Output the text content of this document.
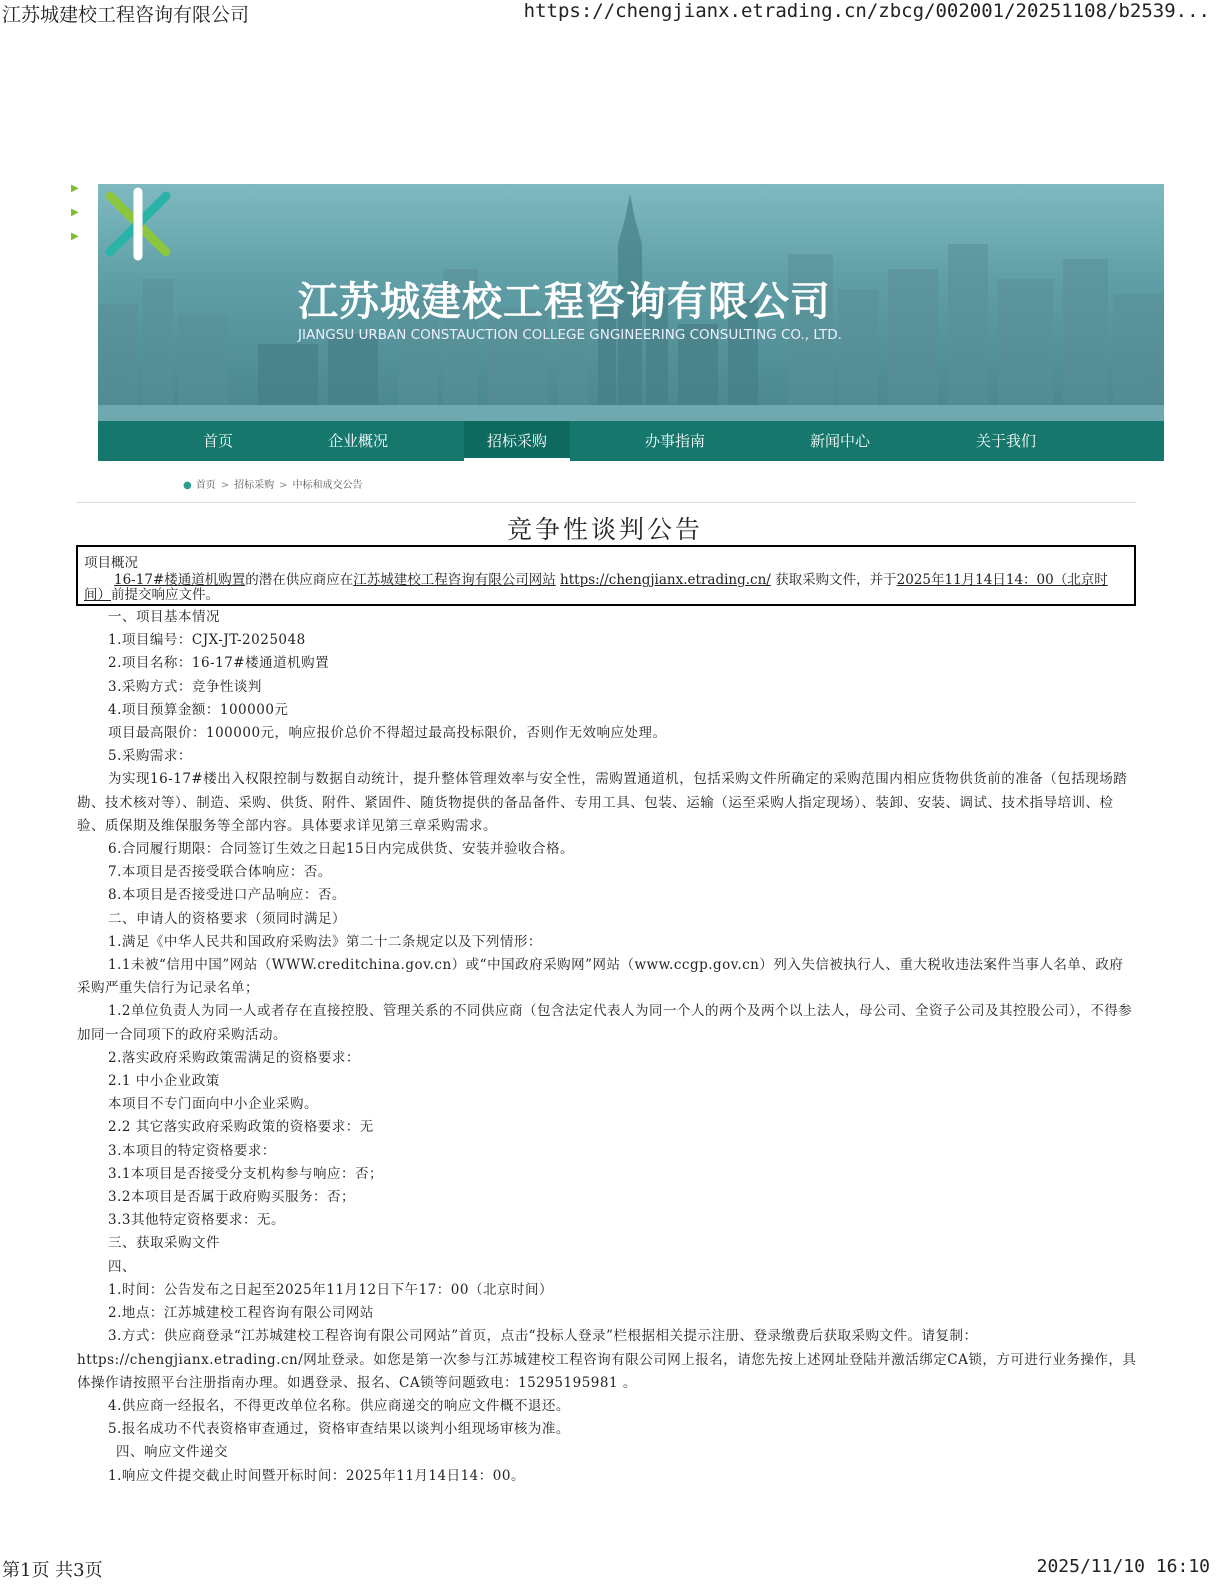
江苏城建校工程咨询有限公司	https://chengjianx.etrading.cn/zbcg/002001/20251108/b2539...
▶
▶
▶
江苏城建校工程咨询有限公司
JIANGSU URBAN CONSTAUCTION COLLEGE GNGINEERING CONSULTING CO., LTD.
首页	企业概况	招标采购	办事指南	新闻中心	关于我们
● 首页 > 招标采购 > 中标和成交公告
竞争性谈判公告
项目概况
16-17#楼通道机购置的潜在供应商应在江苏城建校工程咨询有限公司网站 https://chengjianx.etrading.cn/ 获取采购文件，并于2025年11月14日14：00（北京时间）前提交响应文件。

一、项目基本情况

1.项目编号：CJX-JT-2025048

2.项目名称：16-17#楼通道机购置

3.采购方式：竞争性谈判

4.项目预算金额：100000元

项目最高限价：100000元，响应报价总价不得超过最高投标限价，否则作无效响应处理。

5.采购需求：

为实现16-17#楼出入权限控制与数据自动统计，提升整体管理效率与安全性，需购置通道机，包括采购文件所确定的采购范围内相应货物供货前的准备（包括现场踏勘、技术核对等）、制造、采购、供货、附件、紧固件、随货物提供的备品备件、专用工具、包装、运输（运至采购人指定现场）、装卸、安装、调试、技术指导培训、检验、质保期及维保服务等全部内容。具体要求详见第三章采购需求。

6.合同履行期限：合同签订生效之日起15日内完成供货、安装并验收合格。

7.本项目是否接受联合体响应：否。

8.本项目是否接受进口产品响应：否。

二、申请人的资格要求（须同时满足）

1.满足《中华人民共和国政府采购法》第二十二条规定以及下列情形：

1.1未被“信用中国”网站（WWW.creditchina.gov.cn）或“中国政府采购网”网站（www.ccgp.gov.cn）列入失信被执行人、重大税收违法案件当事人名单、政府采购严重失信行为记录名单；

1.2单位负责人为同一人或者存在直接控股、管理关系的不同供应商（包含法定代表人为同一个人的两个及两个以上法人，母公司、全资子公司及其控股公司），不得参加同一合同项下的政府采购活动。

2.落实政府采购政策需满足的资格要求：

2.1 中小企业政策

本项目不专门面向中小企业采购。

2.2 其它落实政府采购政策的资格要求：无

3.本项目的特定资格要求：

3.1本项目是否接受分支机构参与响应：否；

3.2本项目是否属于政府购买服务：否；

3.3其他特定资格要求：无。

三、获取采购文件

四、

1.时间：公告发布之日起至2025年11月12日下午17：00（北京时间）

2.地点：江苏城建校工程咨询有限公司网站

3.方式：供应商登录“江苏城建校工程咨询有限公司网站”首页，点击“投标人登录”栏根据相关提示注册、登录缴费后获取采购文件。请复制：https://chengjianx.etrading.cn/网址登录。如您是第一次参与江苏城建校工程咨询有限公司网上报名，请您先按上述网址登陆并激活绑定CA锁，方可进行业务操作，具体操作请按照平台注册指南办理。如遇登录、报名、CA锁等问题致电：15295195981 。

4.供应商一经报名，不得更改单位名称。供应商递交的响应文件概不退还。

5.报名成功不代表资格审查通过，资格审查结果以谈判小组现场审核为准。

四、响应文件递交

1.响应文件提交截止时间暨开标时间：2025年11月14日14：00。

第1页 共3页	2025/11/10 16:10
